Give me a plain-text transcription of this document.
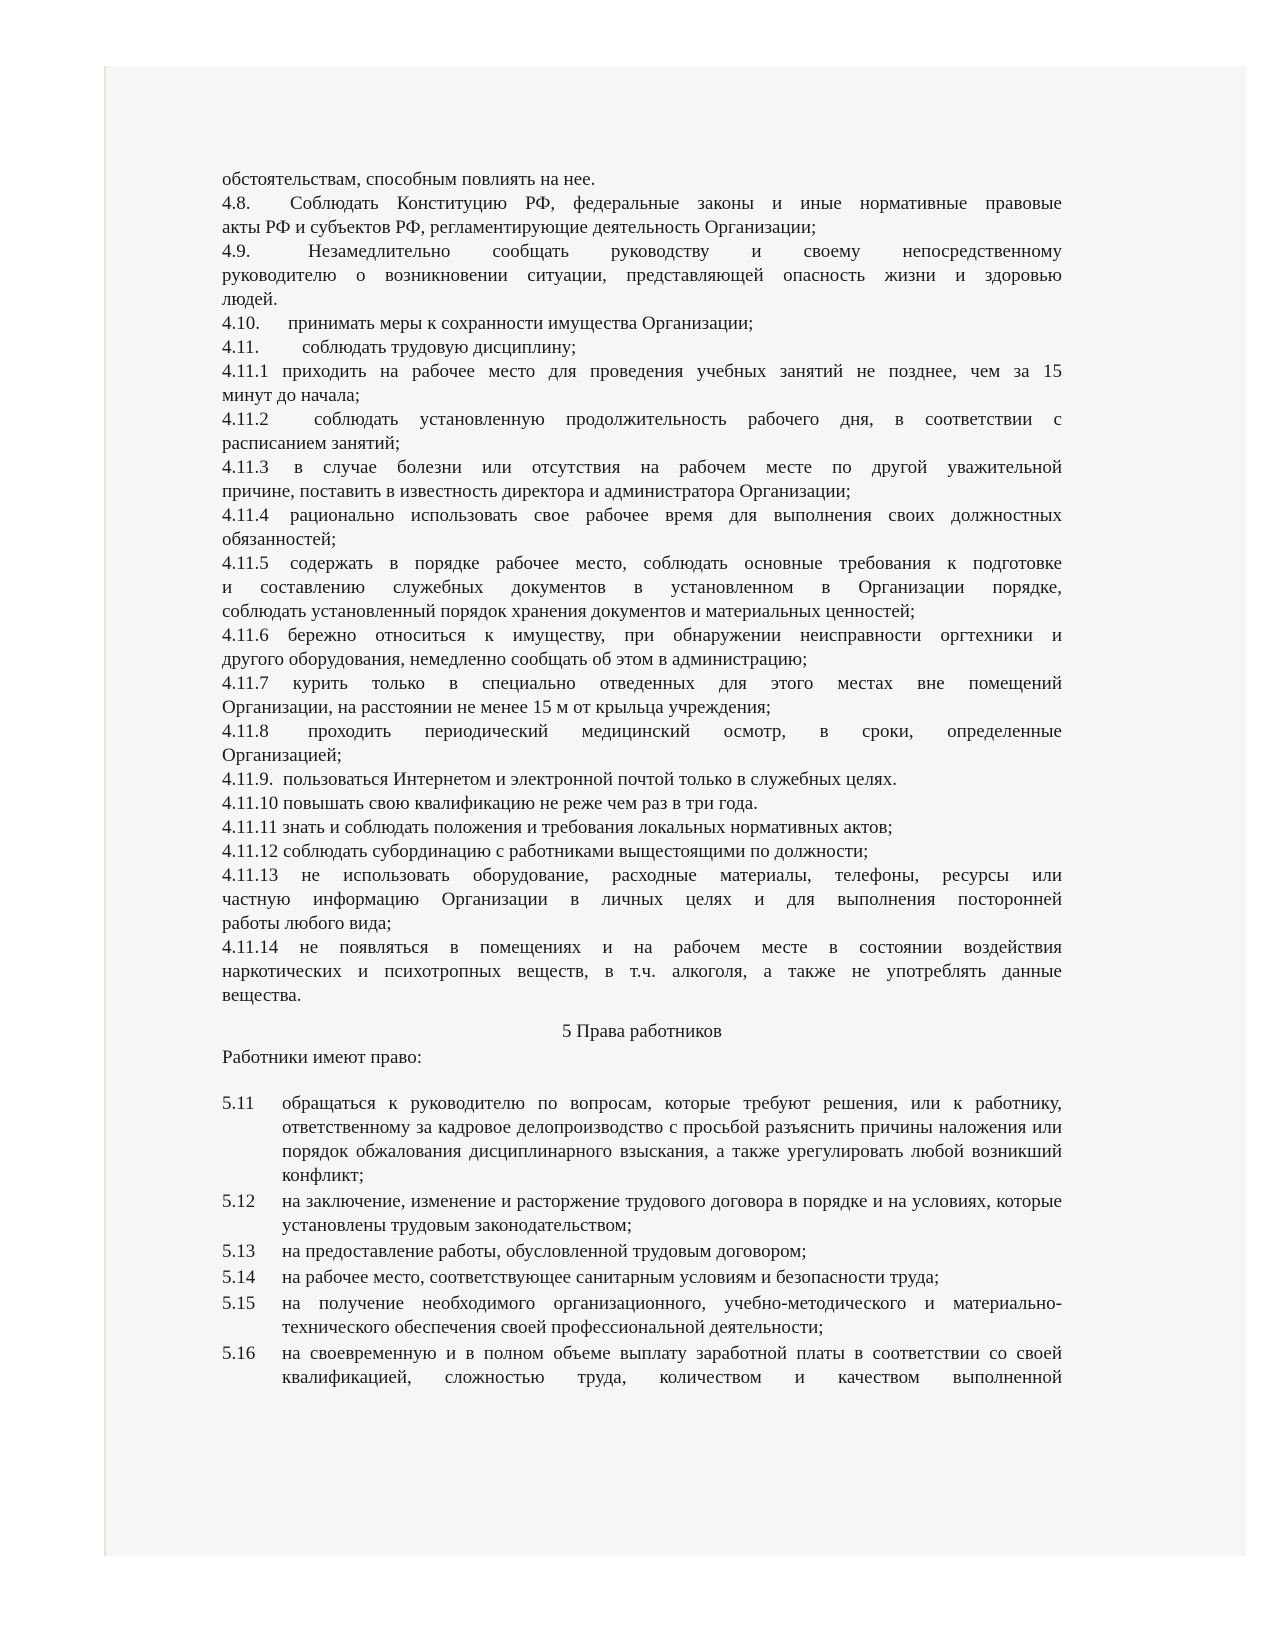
обстоятельствам, способным повлиять на нее.
4.8. Соблюдать Конституцию РФ, федеральные законы и иные нормативные правовые
акты РФ и субъектов РФ, регламентирующие деятельность Организации;
4.9.	Незамедлительно сообщать руководству и своему непосредственному
руководителю о возникновении ситуации, представляющей опасность жизни и здоровью
людей.
4.10. принимать меры к сохранности имущества Организации;
4.11. соблюдать трудовую дисциплину;
4.11.1 приходить на рабочее место для проведения учебных занятий не позднее, чем за 15
минут до начала;
4.11.2 соблюдать установленную продолжительность рабочего дня, в соответствии с
расписанием занятий;
4.11.3 в случае болезни или отсутствия на рабочем месте по другой уважительной
причине, поставить в известность директора и администратора Организации;
4.11.4 рационально использовать свое рабочее время для выполнения своих должностных
обязанностей;
4.11.5 содержать в порядке рабочее место, соблюдать основные требования к подготовке
и составлению служебных документов в установленном в Организации порядке,
соблюдать установленный порядок хранения документов и материальных ценностей;
4.11.6 бережно относиться к имуществу, при обнаружении неисправности оргтехники и
другого оборудования, немедленно сообщать об этом в администрацию;
4.11.7 курить только в специально отведенных для этого местах вне помещений
Организации, на расстоянии не менее 15 м от крыльца учреждения;
4.11.8 проходить периодический медицинский осмотр, в сроки, определенные
Организацией;
4.11.9. пользоваться Интернетом и электронной почтой только в служебных целях.
4.11.10 повышать свою квалификацию не реже чем раз в три года.
4.11.11 знать и соблюдать положения и требования локальных нормативных актов;
4.11.12 соблюдать субординацию с работниками выщестоящими по должности;
4.11.13 не использовать оборудование, расходные материалы, телефоны, ресурсы или
частную информацию Организации в личных целях и для выполнения посторонней
работы любого вида;
4.11.14 не появляться в помещениях и на рабочем месте в состоянии воздействия
наркотических и психотропных веществ, в т.ч. алкоголя, а также не употреблять данные
вещества.
5 Права работников
Работники имеют право:
5.11	обращаться к руководителю по вопросам, которые требуют решения, или к работнику, ответственному за кадровое делопроизводство с просьбой разъяснить причины наложения или порядок обжалования дисциплинарного взыскания, а также урегулировать любой возникший конфликт;
5.12	на заключение, изменение и расторжение трудового договора в порядке и на условиях, которые установлены трудовым законодательством;
5.13	на предоставление работы, обусловленной трудовым договором;
5.14	на рабочее место, соответствующее санитарным условиям и безопасности труда;
5.15	на получение необходимого организационного, учебно-методического и материально-технического обеспечения своей профессиональной деятельности;
5.16	на своевременную и в полном объеме выплату заработной платы в соответствии со своей квалификацией, сложностью труда, количеством и качеством выполненной
